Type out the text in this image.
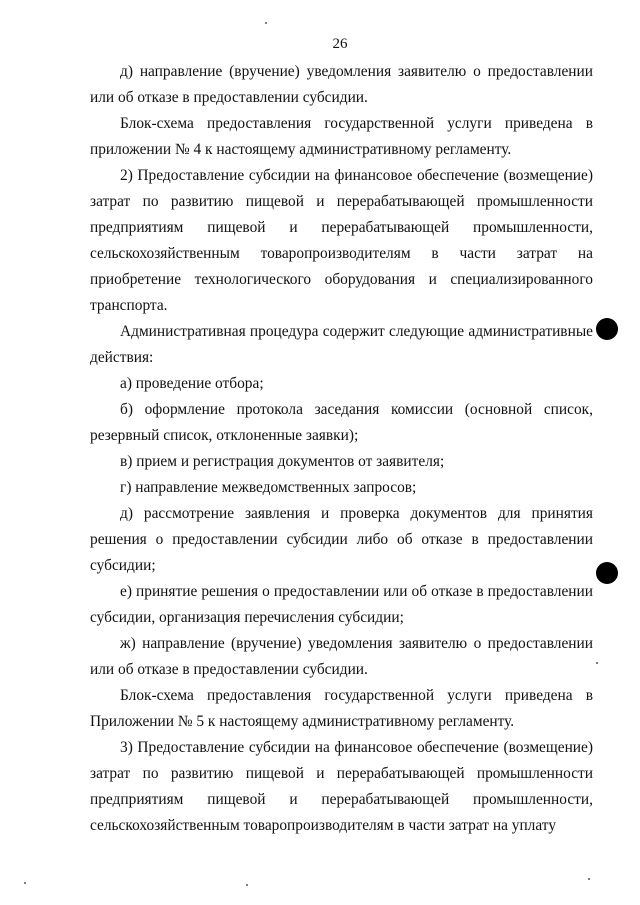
26

д) направление (вручение) уведомления заявителю о предоставлении или об отказе в предоставлении субсидии.

Блок-схема предоставления государственной услуги приведена в приложении № 4 к настоящему административному регламенту.

2) Предоставление субсидии на финансовое обеспечение (возмещение) затрат по развитию пищевой и перерабатывающей промышленности предприятиям пищевой и перерабатывающей промышленности, сельскохозяйственным товаропроизводителям в части затрат на приобретение технологического оборудования и специализированного транспорта.

Административная процедура содержит следующие административные действия:

а) проведение отбора;

б) оформление протокола заседания комиссии (основной список, резервный список, отклоненные заявки);

в) прием и регистрация документов от заявителя;

г) направление межведомственных запросов;

д) рассмотрение заявления и проверка документов для принятия решения о предоставлении субсидии либо об отказе в предоставлении субсидии;

е) принятие решения о предоставлении или об отказе в предоставлении субсидии, организация перечисления субсидии;

ж) направление (вручение) уведомления заявителю о предоставлении или об отказе в предоставлении субсидии.

Блок-схема предоставления государственной услуги приведена в Приложении № 5 к настоящему административному регламенту.

3) Предоставление субсидии на финансовое обеспечение (возмещение) затрат по развитию пищевой и перерабатывающей промышленности предприятиям пищевой и перерабатывающей промышленности, сельскохозяйственным товаропроизводителям в части затрат на уплату
